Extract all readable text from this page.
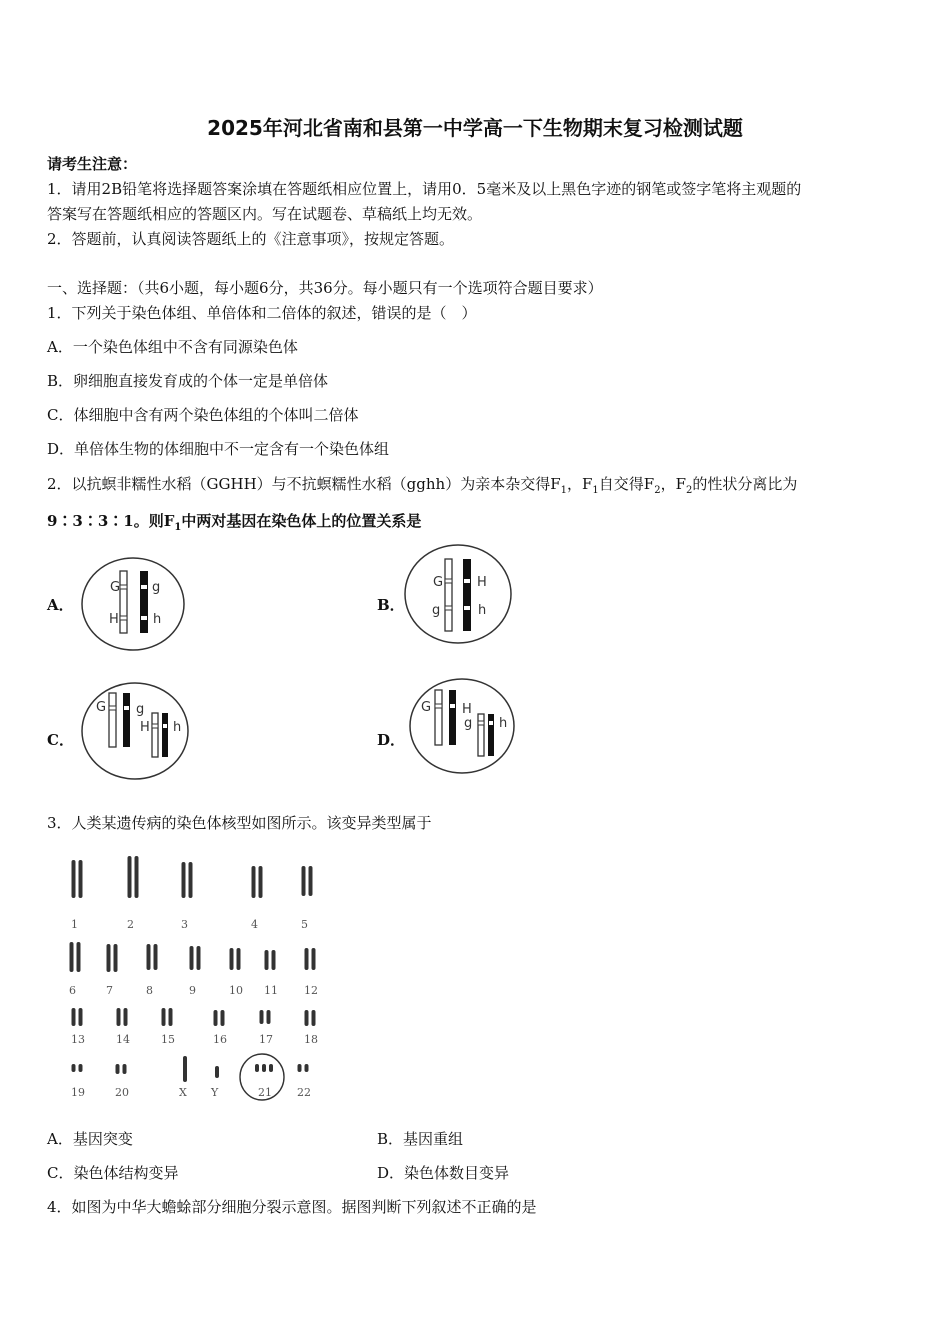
2025年河北省南和县第一中学高一下生物期末复习检测试题
请考生注意：
1．请用2B铅笔将选择题答案涂填在答题纸相应位置上，请用0．5毫米及以上黑色字迹的钢笔或签字笔将主观题的
答案写在答题纸相应的答题区内。写在试题卷、草稿纸上均无效。
2．答题前，认真阅读答题纸上的《注意事项》，按规定答题。
一、选择题：（共6小题，每小题6分，共36分。每小题只有一个选项符合题目要求）
1．下列关于染色体组、单倍体和二倍体的叙述，错误的是（　）
A．一个染色体组中不含有同源染色体
B．卵细胞直接发育成的个体一定是单倍体
C．体细胞中含有两个染色体组的个体叫二倍体
D．单倍体生物的体细胞中不一定含有一个染色体组
2．以抗螟非糯性水稻（GGHH）与不抗螟糯性水稻（gghh）为亲本杂交得$F_1$，$F_1$自交得$F_2$，$F_2$的性状分离比为
9∶3∶3∶1。则$F_1$中两对基因在染色体上的位置关系是
A．
G g
H	h
B．
G	H
g	h
C．
G g
H h
D．
G H
g h
3．人类某遗传病的染色体核型如图所示。该变异类型属于
1	2	3	4	5
6	7	8	9	10 11 12
13	14	15	16	17	18
19	20	X Y	21 22
A．基因突变	B．基因重组
C．染色体结构变异	D．染色体数目变异
4．如图为中华大蟾蜍部分细胞分裂示意图。据图判断下列叙述不正确的是
